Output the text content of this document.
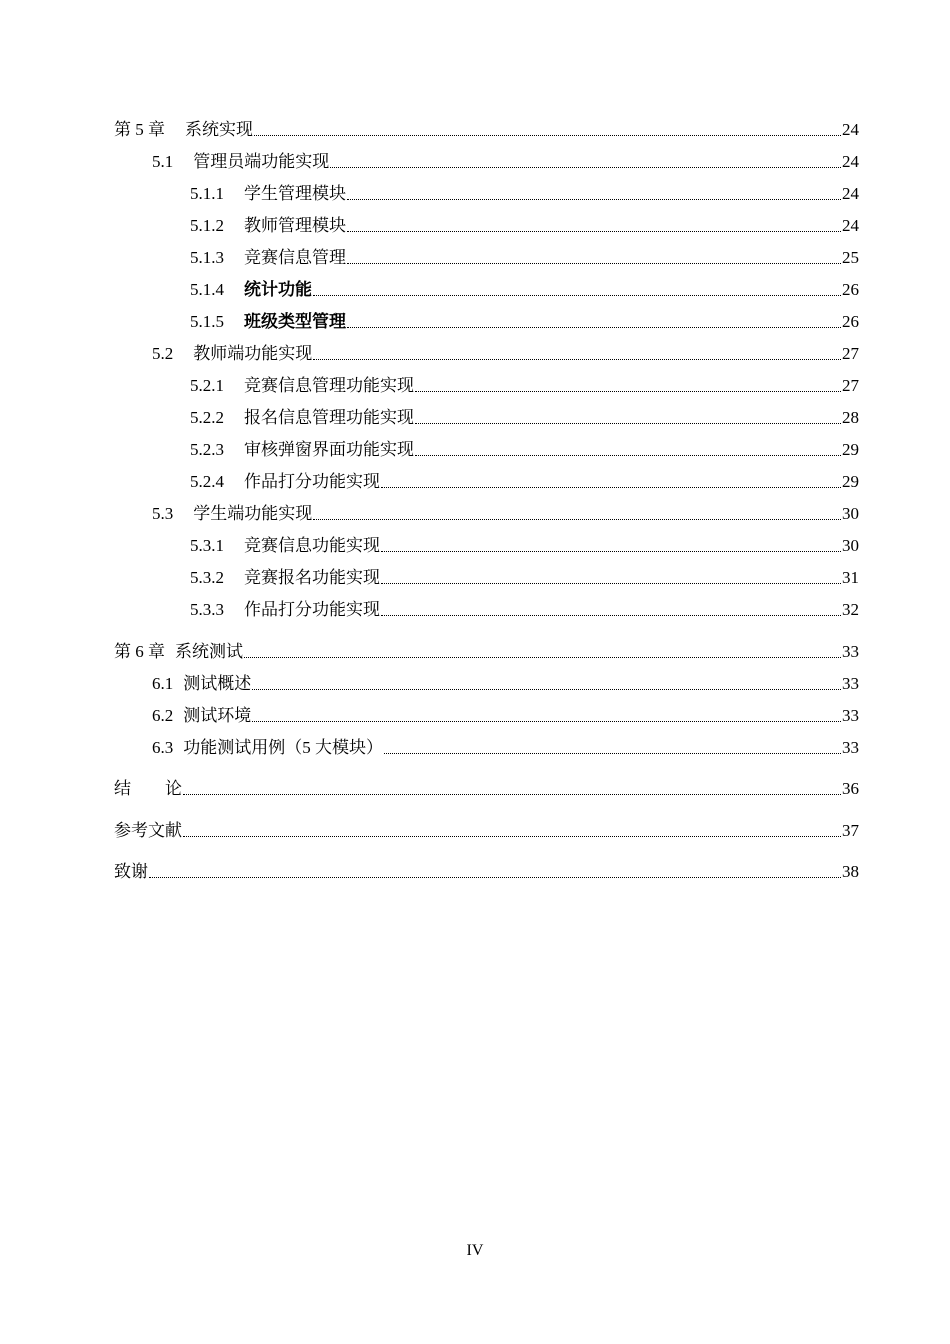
第 5 章 系统实现	24
5.1 管理员端功能实现	24
5.1.1 学生管理模块	24
5.1.2 教师管理模块	24
5.1.3 竞赛信息管理	25
5.1.4 统计功能	26
5.1.5 班级类型管理	26
5.2 教师端功能实现	27
5.2.1 竞赛信息管理功能实现	27
5.2.2 报名信息管理功能实现	28
5.2.3 审核弹窗界面功能实现	29
5.2.4 作品打分功能实现	29
5.3 学生端功能实现	30
5.3.1 竞赛信息功能实现	30
5.3.2 竞赛报名功能实现	31
5.3.3 作品打分功能实现	32
第 6 章 系统测试	33
6.1 测试概述	33
6.2 测试环境	33
6.3 功能测试用例（5 大模块）	33
结　　论	36
参考文献	37
致谢	38
IV
